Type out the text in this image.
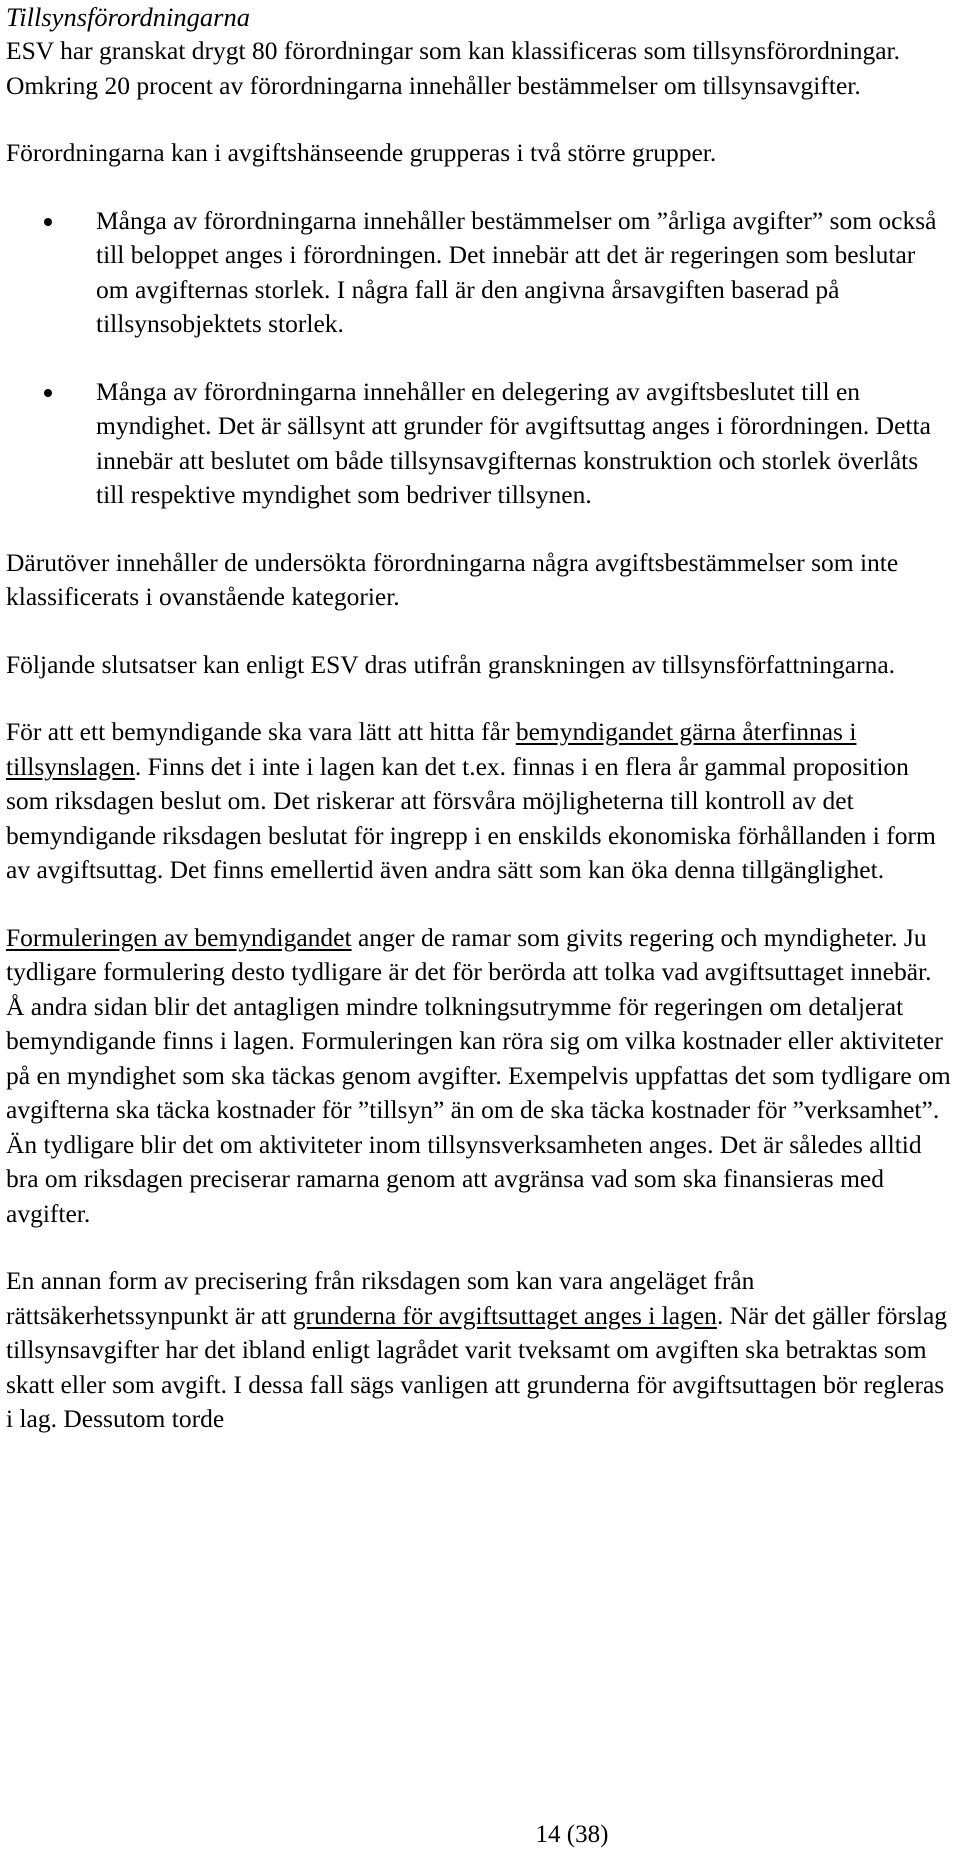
Tillsynsförordningarna

ESV har granskat drygt 80 förordningar som kan klassificeras som tillsynsförordningar. Omkring 20 procent av förordningarna innehåller bestämmelser om tillsynsavgifter.

Förordningarna kan i avgiftshänseende grupperas i två större grupper.

Många av förordningarna innehåller bestämmelser om ”årliga avgifter” som också till beloppet anges i förordningen. Det innebär att det är regeringen som beslutar om avgifternas storlek. I några fall är den angivna årsavgiften baserad på tillsynsobjektets storlek.
Många av förordningarna innehåller en delegering av avgiftsbeslutet till en myndighet. Det är sällsynt att grunder för avgiftsuttag anges i förordningen. Detta innebär att beslutet om både tillsynsavgifternas konstruktion och storlek överlåts till respektive myndighet som bedriver tillsynen.

Därutöver innehåller de undersökta förordningarna några avgiftsbestämmelser som inte klassificerats i ovanstående kategorier.

Följande slutsatser kan enligt ESV dras utifrån granskningen av tillsynsförfattningarna.

För att ett bemyndigande ska vara lätt att hitta får bemyndigandet gärna återfinnas i tillsynslagen. Finns det i inte i lagen kan det t.ex. finnas i en flera år gammal proposition som riksdagen beslut om. Det riskerar att försvåra möjligheterna till kontroll av det bemyndigande riksdagen beslutat för ingrepp i en enskilds ekonomiska förhållanden i form av avgiftsuttag. Det finns emellertid även andra sätt som kan öka denna tillgänglighet.

Formuleringen av bemyndigandet anger de ramar som givits regering och myndigheter. Ju tydligare formulering desto tydligare är det för berörda att tolka vad avgiftsuttaget innebär. Å andra sidan blir det antagligen mindre tolkningsutrymme för regeringen om detaljerat bemyndigande finns i lagen. Formuleringen kan röra sig om vilka kostnader eller aktiviteter på en myndighet som ska täckas genom avgifter. Exempelvis uppfattas det som tydligare om avgifterna ska täcka kostnader för ”tillsyn” än om de ska täcka kostnader för ”verksamhet”. Än tydligare blir det om aktiviteter inom tillsynsverksamheten anges. Det är således alltid bra om riksdagen preciserar ramarna genom att avgränsa vad som ska finansieras med avgifter.

En annan form av precisering från riksdagen som kan vara angeläget från rättsäkerhetssynpunkt är att grunderna för avgiftsuttaget anges i lagen. När det gäller förslag tillsynsavgifter har det ibland enligt lagrådet varit tveksamt om avgiften ska betraktas som skatt eller som avgift. I dessa fall sägs vanligen att grunderna för avgiftsuttagen bör regleras i lag. Dessutom torde

14 (38)
